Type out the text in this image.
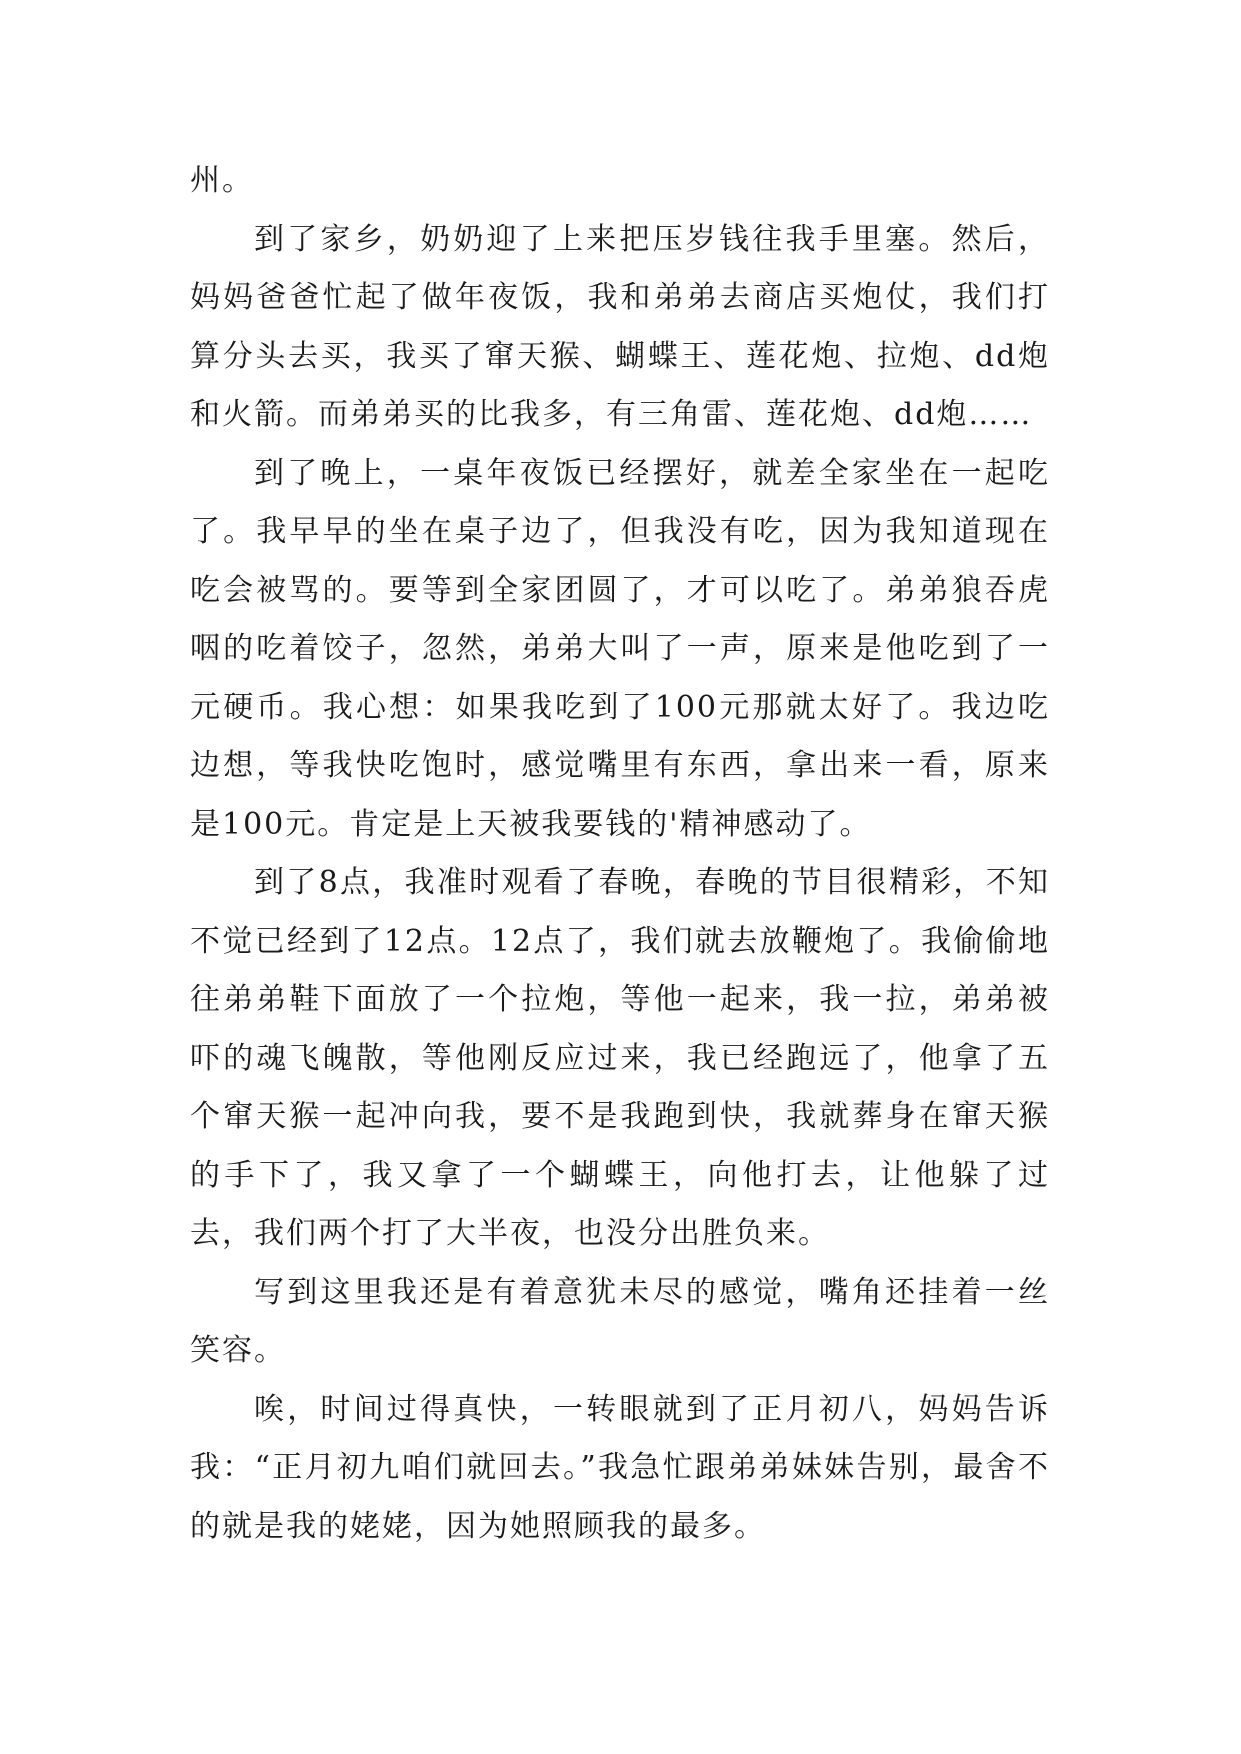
州。

到了家乡，奶奶迎了上来把压岁钱往我手里塞。然后，妈妈爸爸忙起了做年夜饭，我和弟弟去商店买炮仗，我们打算分头去买，我买了窜天猴、蝴蝶王、莲花炮、拉炮、dd炮和火箭。而弟弟买的比我多，有三角雷、莲花炮、dd炮……

到了晚上，一桌年夜饭已经摆好，就差全家坐在一起吃了。我早早的坐在桌子边了，但我没有吃，因为我知道现在吃会被骂的。要等到全家团圆了，才可以吃了。弟弟狼吞虎咽的吃着饺子，忽然，弟弟大叫了一声，原来是他吃到了一元硬币。我心想：如果我吃到了100元那就太好了。我边吃边想，等我快吃饱时，感觉嘴里有东西，拿出来一看，原来是100元。肯定是上天被我要钱的'精神感动了。

到了8点，我准时观看了春晚，春晚的节目很精彩，不知不觉已经到了12点。12点了，我们就去放鞭炮了。我偷偷地往弟弟鞋下面放了一个拉炮，等他一起来，我一拉，弟弟被吓的魂飞魄散，等他刚反应过来，我已经跑远了，他拿了五个窜天猴一起冲向我，要不是我跑到快，我就葬身在窜天猴的手下了，我又拿了一个蝴蝶王，向他打去，让他躲了过去，我们两个打了大半夜，也没分出胜负来。

写到这里我还是有着意犹未尽的感觉，嘴角还挂着一丝笑容。

唉，时间过得真快，一转眼就到了正月初八，妈妈告诉我：“正月初九咱们就回去。”我急忙跟弟弟妹妹告别，最舍不的就是我的姥姥，因为她照顾我的最多。
